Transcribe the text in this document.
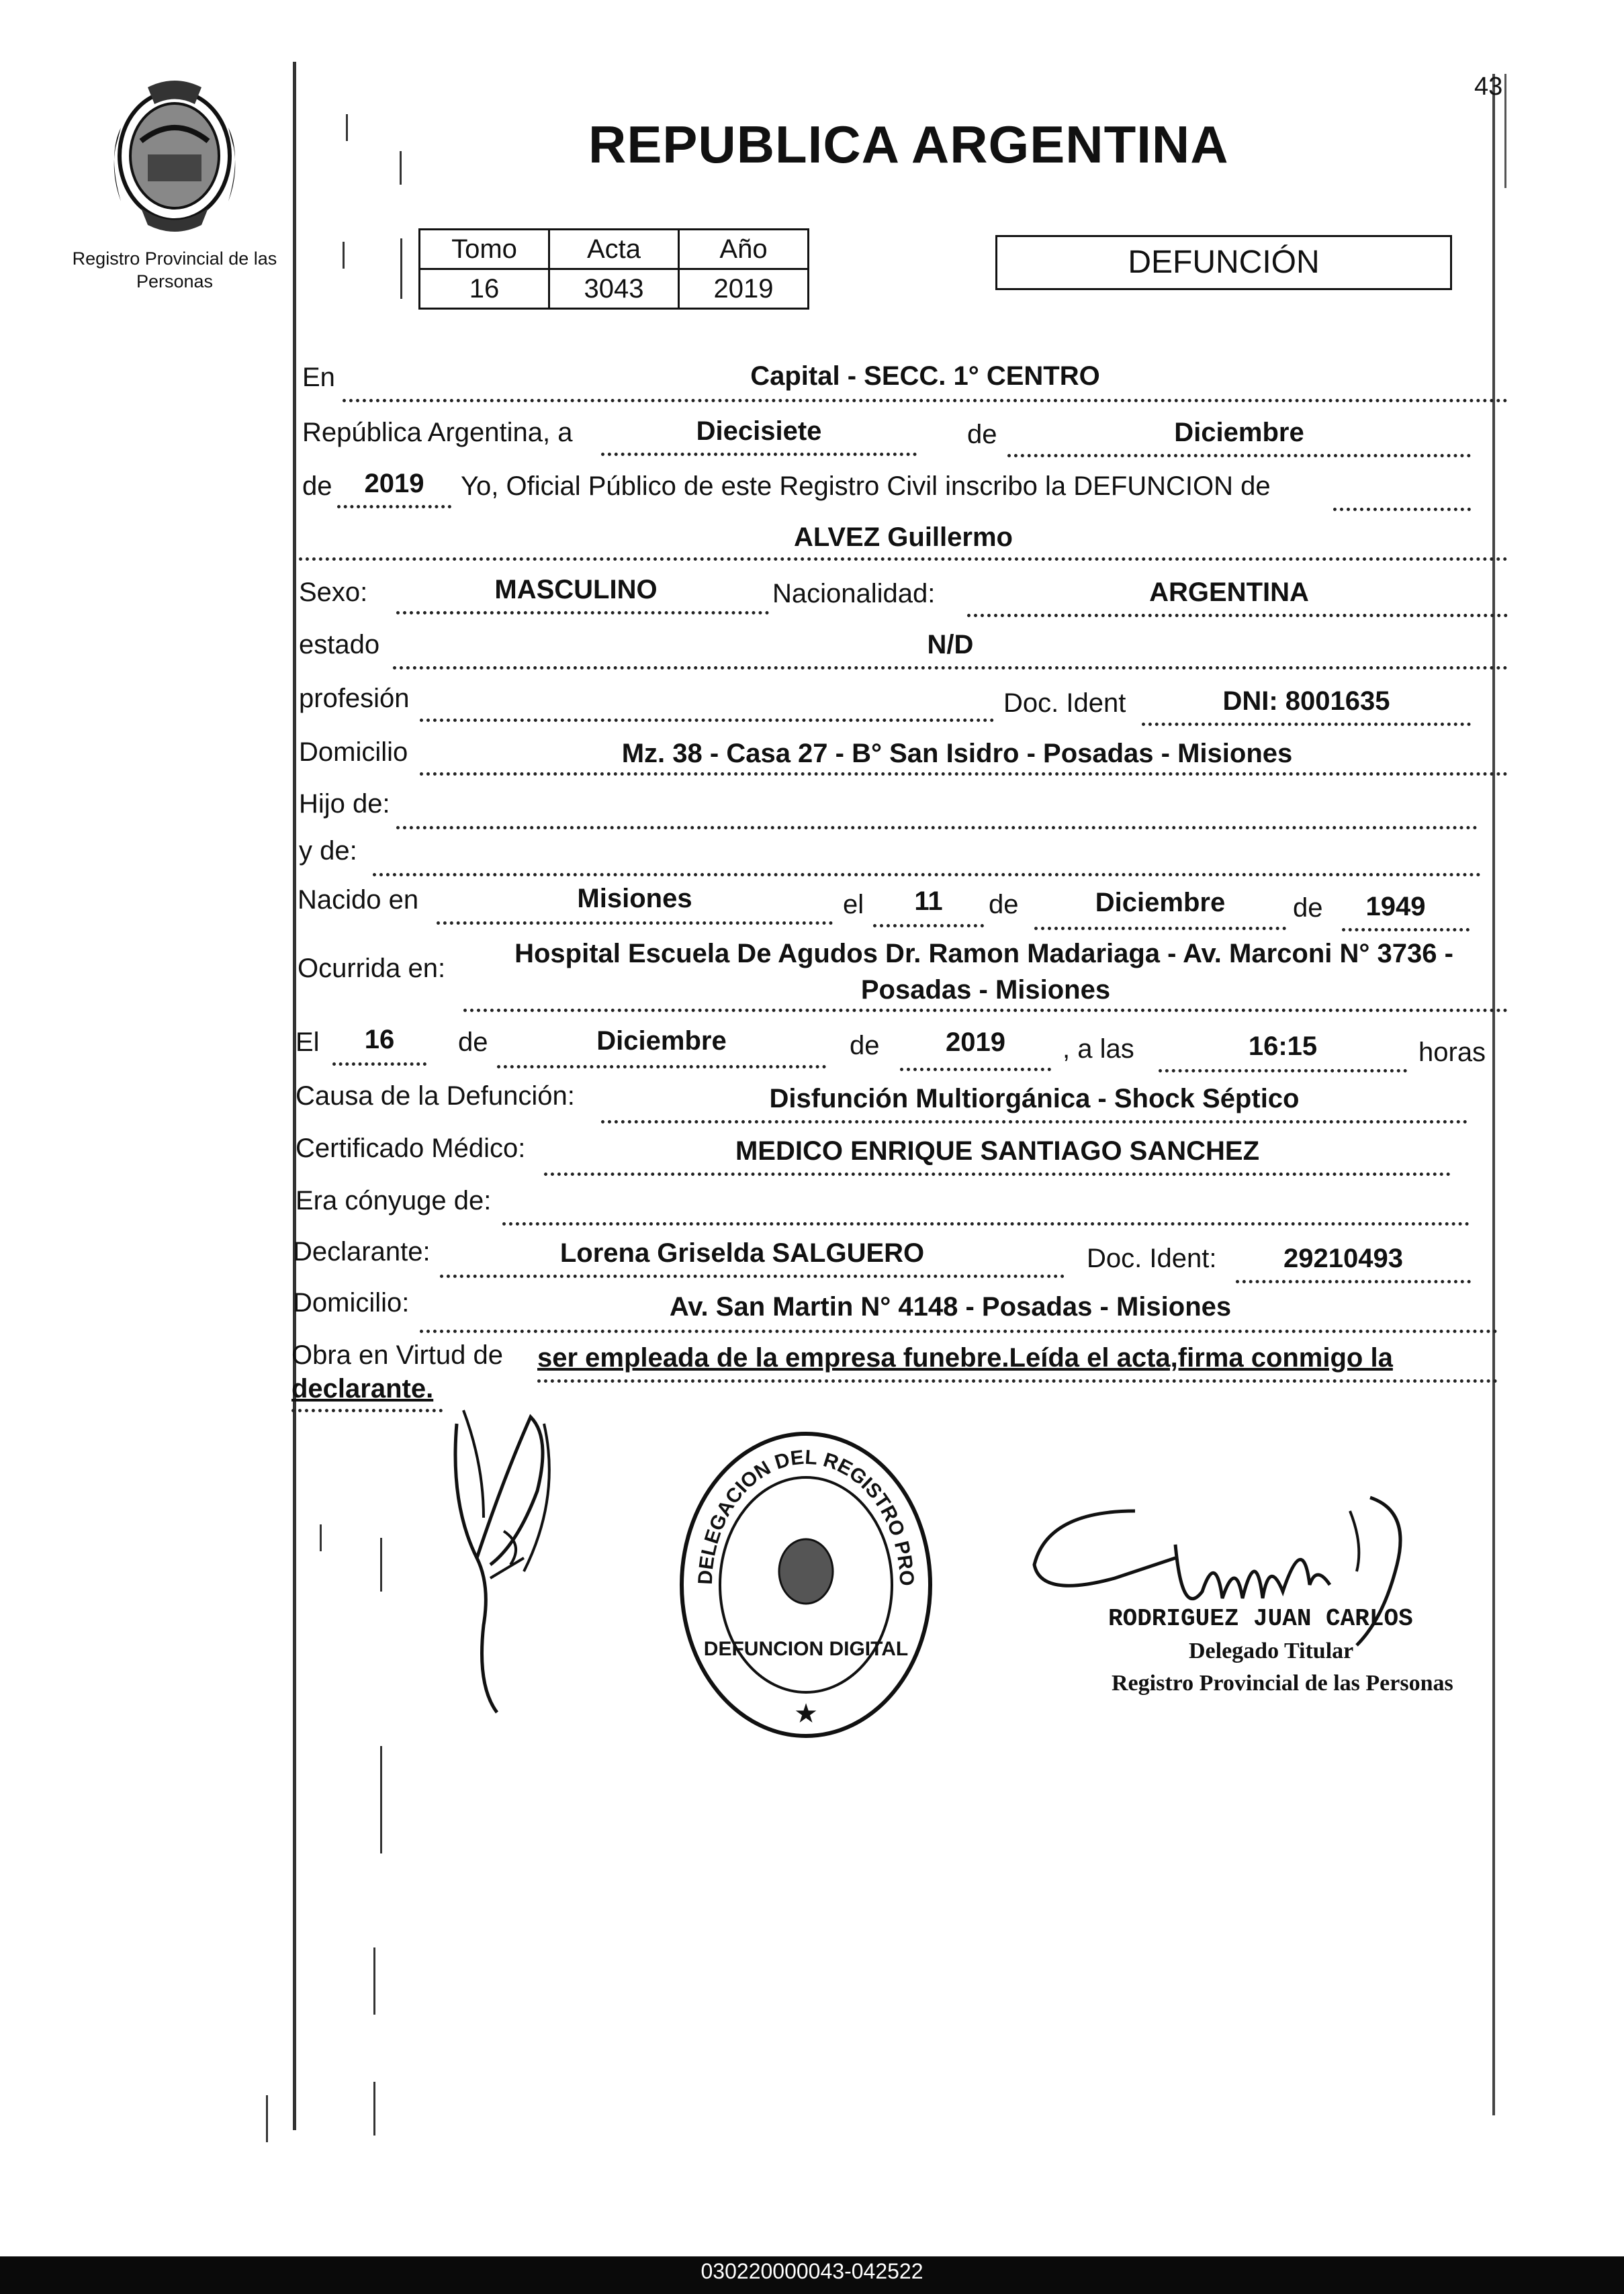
43
Registro Provincial de las Personas
REPUBLICA ARGENTINA
Tomo	Acta	Año
16	3043	2019
DEFUNCIÓN
En	Capital - SECC. 1° CENTRO
República Argentina, a	Diecisiete	de	Diciembre
de	2019	Yo, Oficial Público de este Registro Civil inscribo la DEFUNCION de
ALVEZ Guillermo
Sexo:	MASCULINO	Nacionalidad:	ARGENTINA
estado	N/D
profesión	Doc. Ident	DNI: 8001635
Domicilio	Mz. 38 - Casa 27 - B° San Isidro - Posadas - Misiones
Hijo de:
y de:
Nacido en	Misiones	el	11	de	Diciembre	de	1949
Ocurrida en:	Hospital Escuela De Agudos Dr. Ramon Madariaga - Av. Marconi N° 3736 -
Posadas - Misiones
El	16	de	Diciembre	de	2019	, a las	16:15	horas
Causa de la Defunción:	Disfunción Multiorgánica - Shock Séptico
Certificado Médico:	MEDICO ENRIQUE SANTIAGO SANCHEZ
Era cónyuge de:
Declarante:	Lorena Griselda SALGUERO	Doc. Ident:	29210493
Domicilio:	Av. San Martin N° 4148 - Posadas - Misiones
Obra en Virtud de ser empleada de la empresa funebre.Leída el acta,firma conmigo la
declarante.
DELEGACION DEL REGISTRO PRO
DEFUNCION DIGITAL
★
RODRIGUEZ JUAN CARLOS
Delegado Titular
Registro Provincial de las Personas
030220000043-042522
